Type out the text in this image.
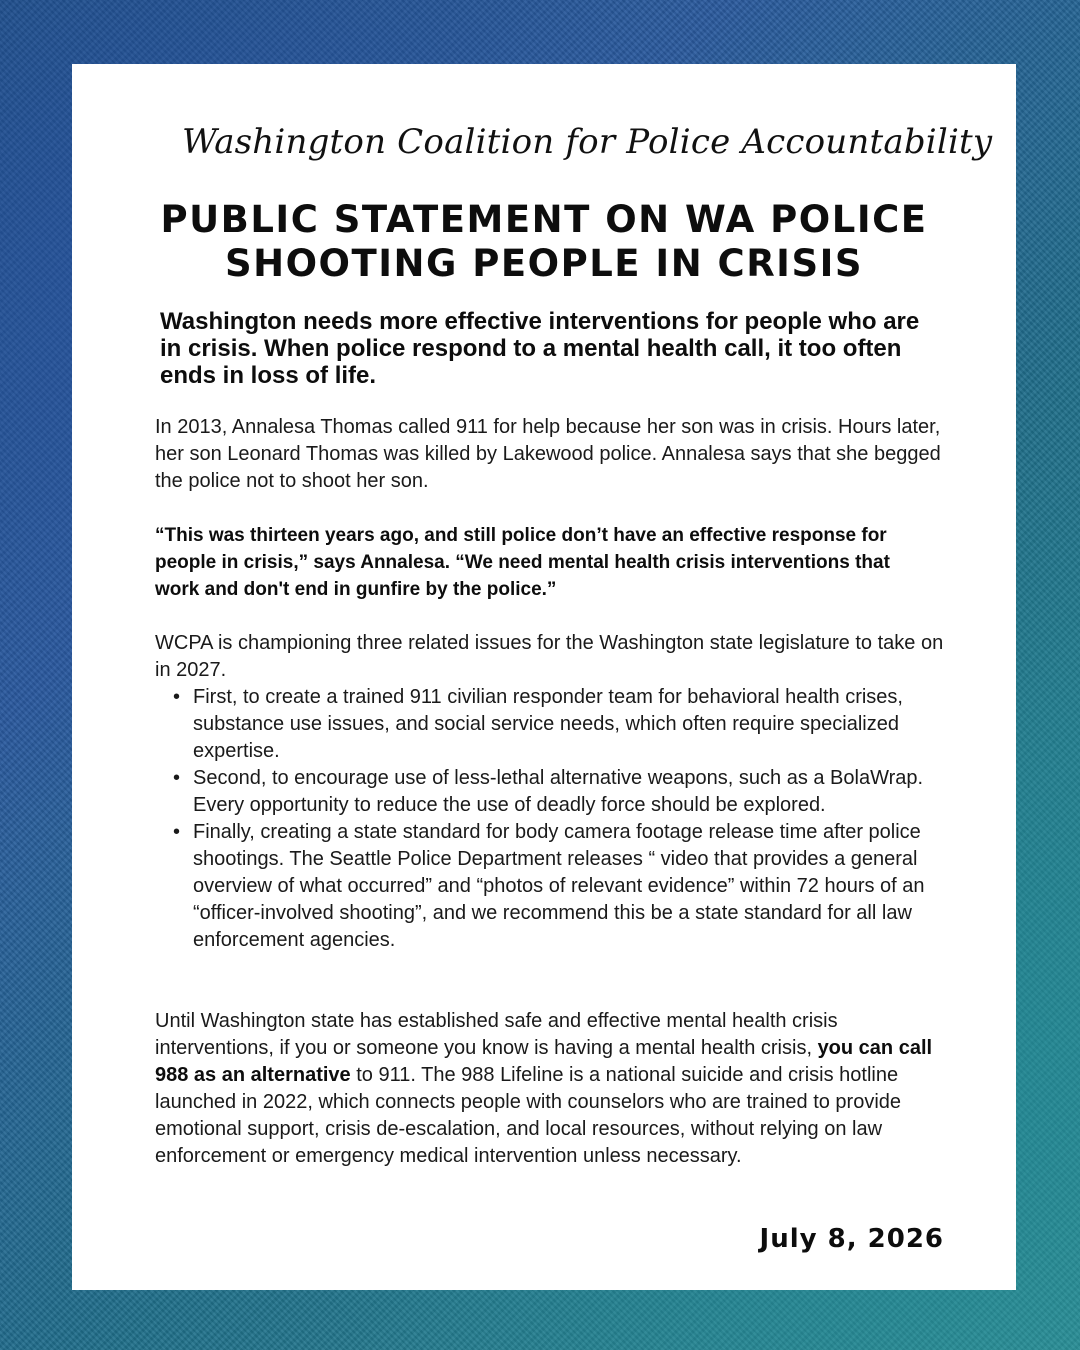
Washington Coalition for Police Accountability
PUBLIC STATEMENT ON WA POLICE SHOOTING PEOPLE IN CRISIS

Washington needs more effective interventions for people who are in crisis. When police respond to a mental health call, it too often ends in loss of life.

In 2013, Annalesa Thomas called 911 for help because her son was in crisis. Hours later, her son Leonard Thomas was killed by Lakewood police. Annalesa says that she begged the police not to shoot her son.

“This was thirteen years ago, and still police don’t have an effective response for people in crisis,” says Annalesa. “We need mental health crisis interventions that work and don't end in gunfire by the police.”

WCPA is championing three related issues for the Washington state legislature to take on in 2027.

• First, to create a trained 911 civilian responder team for behavioral health crises, substance use issues, and social service needs, which often require specialized expertise.
• Second, to encourage use of less-lethal alternative weapons, such as a BolaWrap. Every opportunity to reduce the use of deadly force should be explored.
• Finally, creating a state standard for body camera footage release time after police shootings. The Seattle Police Department releases “ video that provides a general overview of what occurred” and “photos of relevant evidence” within 72 hours of an “officer-involved shooting”, and we recommend this be a state standard for all law enforcement agencies.

Until Washington state has established safe and effective mental health crisis interventions, if you or someone you know is having a mental health crisis, you can call 988 as an alternative to 911. The 988 Lifeline is a national suicide and crisis hotline launched in 2022, which connects people with counselors who are trained to provide emotional support, crisis de-escalation, and local resources, without relying on law enforcement or emergency medical intervention unless necessary.

July 8, 2026
